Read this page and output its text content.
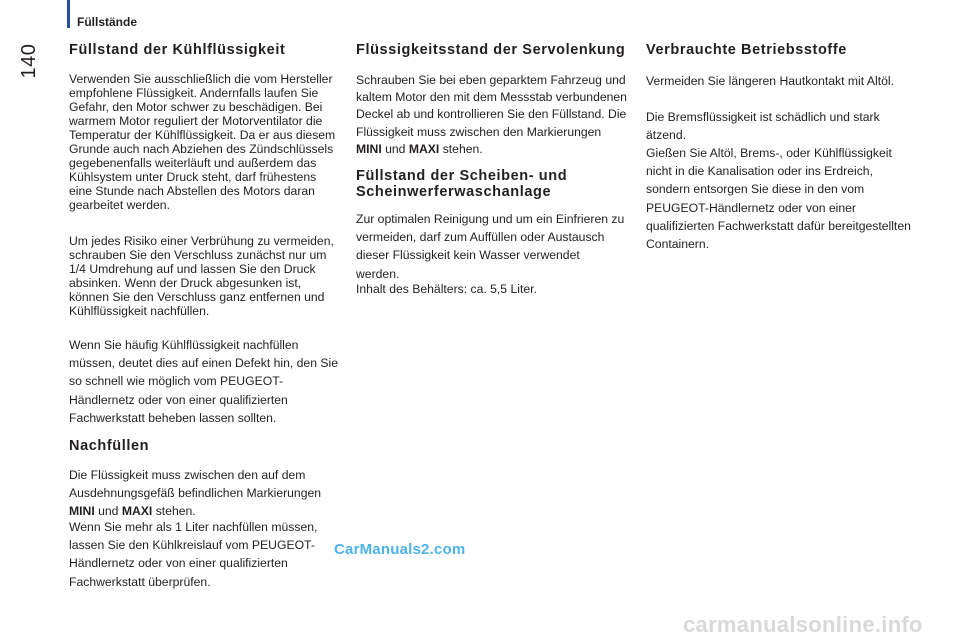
Füllstände
140 Füllstand der Kühlflüssigkeit

Verwenden Sie ausschließlich die vom Hersteller empfohlene Flüssigkeit. Andernfalls laufen Sie Gefahr, den Motor schwer zu beschädigen. Bei warmem Motor reguliert der Motorventilator die Temperatur der Kühlflüssigkeit. Da er aus diesem Grunde auch nach Abziehen des Zündschlüssels gegebenenfalls weiterläuft und außerdem das Kühlsystem unter Druck steht, darf frühestens eine Stunde nach Abstellen des Motors daran gearbeitet werden.

Um jedes Risiko einer Verbrühung zu vermeiden, schrauben Sie den Verschluss zunächst nur um 1/4 Umdrehung auf und lassen Sie den Druck absinken. Wenn der Druck abgesunken ist, können Sie den Verschluss ganz entfernen und Kühlflüssigkeit nachfüllen.

Wenn Sie häufig Kühlflüssigkeit nachfüllen müssen, deutet dies auf einen Defekt hin, den Sie so schnell wie möglich vom PEUGEOT-Händlernetz oder von einer qualifizierten Fachwerkstatt beheben lassen sollten.

Nachfüllen

Die Flüssigkeit muss zwischen den auf dem Ausdehnungsgefäß befindlichen Markierungen MINI und MAXI stehen.

Wenn Sie mehr als 1 Liter nachfüllen müssen, lassen Sie den Kühlkreislauf vom PEUGEOT-Händlernetz oder von einer qualifizierten Fachwerkstatt überprüfen.

Flüssigkeitsstand der Servolenkung

Schrauben Sie bei eben geparktem Fahrzeug und kaltem Motor den mit dem Messstab verbundenen Deckel ab und kontrollieren Sie den Füllstand. Die Flüssigkeit muss zwischen den Markierungen MINI und MAXI stehen.

Füllstand der Scheiben- und Scheinwerferwaschanlage

Zur optimalen Reinigung und um ein Einfrieren zu vermeiden, darf zum Auffüllen oder Austausch dieser Flüssigkeit kein Wasser verwendet werden.

Inhalt des Behälters: ca. 5,5 Liter.

Verbrauchte Betriebsstoffe

Vermeiden Sie längeren Hautkontakt mit Altöl.

Die Bremsflüssigkeit ist schädlich und stark ätzend.

Gießen Sie Altöl, Brems-, oder Kühlflüssigkeit nicht in die Kanalisation oder ins Erdreich, sondern entsorgen Sie diese in den vom PEUGEOT-Händlernetz oder von einer qualifizierten Fachwerkstatt dafür bereitgestellten Containern.

CarManuals2.com
carmanualsonline.info
